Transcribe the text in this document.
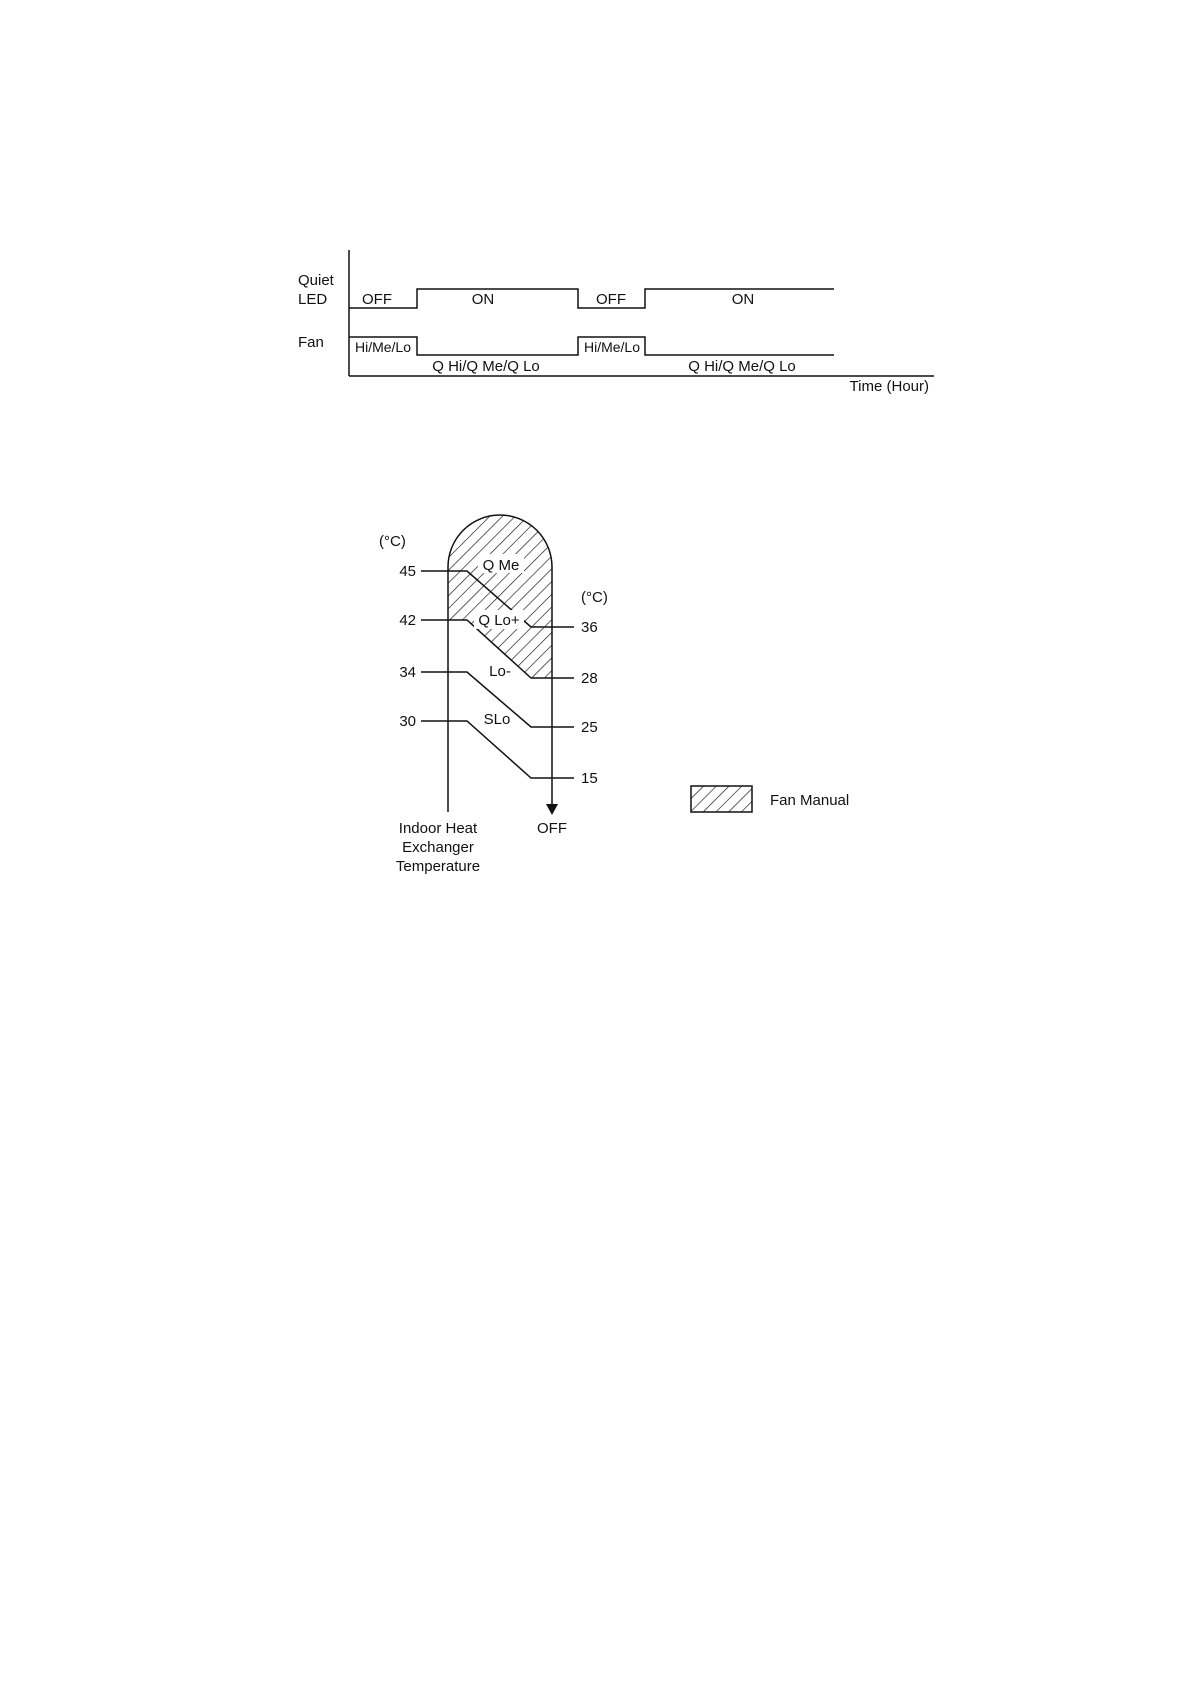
Quiet
LED
Fan
OFF	ON	OFF	ON
Hi/Me/Lo	Hi/Me/Lo
Q Hi/Q Me/Q Lo	Q Hi/Q Me/Q Lo
Time (Hour)
(°C)
(°C)
45
42
34
30
36
28
25
15
Q Me
Q Lo+
Lo-
SLo
Indoor Heat
Exchanger
Temperature
OFF
Fan Manual
